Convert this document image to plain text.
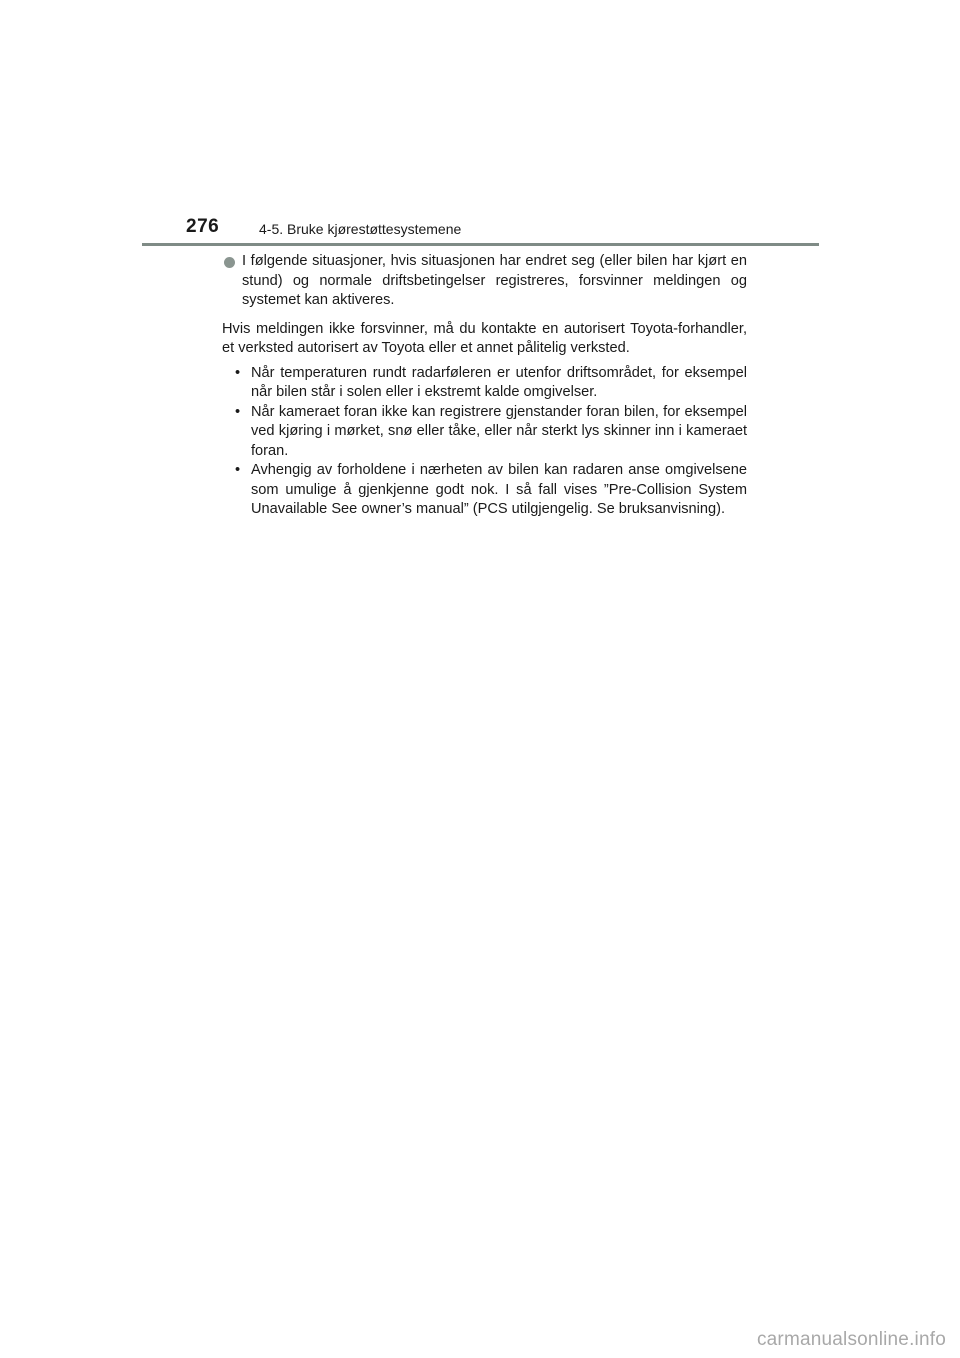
276	4-5. Bruke kjørestøttesystemene

I følgende situasjoner, hvis situasjonen har endret seg (eller bilen har kjørt en stund) og normale driftsbetingelser registreres, forsvinner meldingen og systemet kan aktiveres.

Hvis meldingen ikke forsvinner, må du kontakte en autorisert Toyota-forhandler, et verksted autorisert av Toyota eller et annet pålitelig verksted.

• Når temperaturen rundt radarføleren er utenfor driftsområdet, for eksempel når bilen står i solen eller i ekstremt kalde omgivelser.
• Når kameraet foran ikke kan registrere gjenstander foran bilen, for eksempel ved kjøring i mørket, snø eller tåke, eller når sterkt lys skinner inn i kameraet foran.
• Avhengig av forholdene i nærheten av bilen kan radaren anse omgivelsene som umulige å gjenkjenne godt nok. I så fall vises ”Pre-Collision System Unavailable See owner’s manual” (PCS utilgjengelig. Se bruksanvisning).
carmanualsonline.info
